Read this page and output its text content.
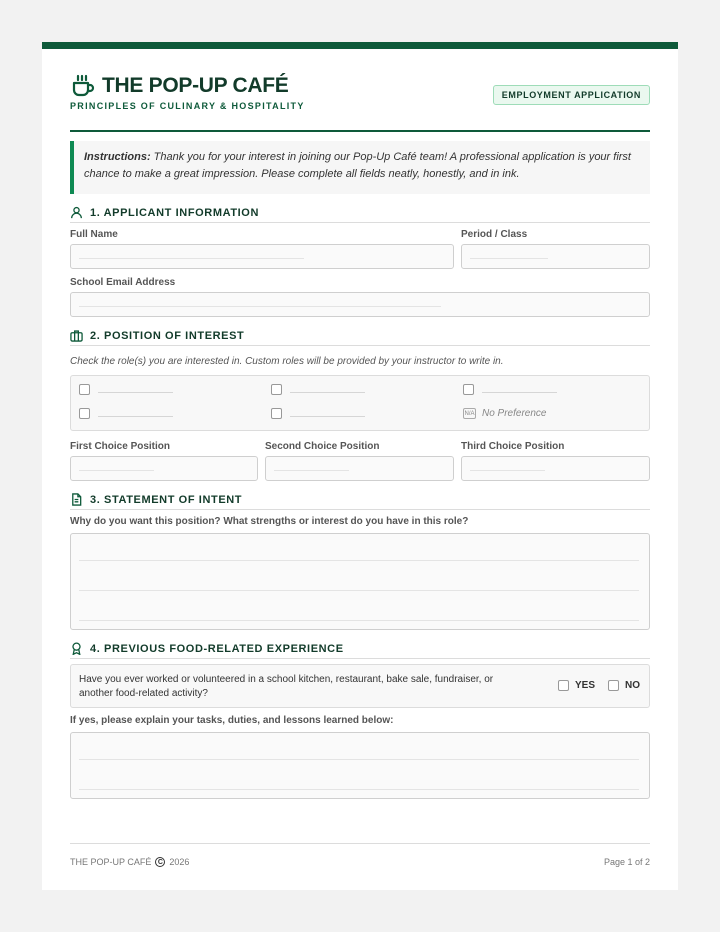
THE POP-UP CAFÉ
PRINCIPLES OF CULINARY & HOSPITALITY
EMPLOYMENT APPLICATION
Instructions: Thank you for your interest in joining our Pop-Up Café team! A professional application is your first chance to make a great impression. Please complete all fields neatly, honestly, and in ink.
1. APPLICANT INFORMATION
Full Name	Period / Class
School Email Address
2. POSITION OF INTEREST
Check the role(s) you are interested in. Custom roles will be provided by your instructor to write in.
N/A No Preference
First Choice Position	Second Choice Position	Third Choice Position
3. STATEMENT OF INTENT
Why do you want this position? What strengths or interest do you have in this role?
4. PREVIOUS FOOD-RELATED EXPERIENCE
Have you ever worked or volunteered in a school kitchen, restaurant, bake sale, fundraiser, or another food-related activity?
YES	NO
If yes, please explain your tasks, duties, and lessons learned below:
THE POP-UP CAFÉ C 2026	Page 1 of 2
